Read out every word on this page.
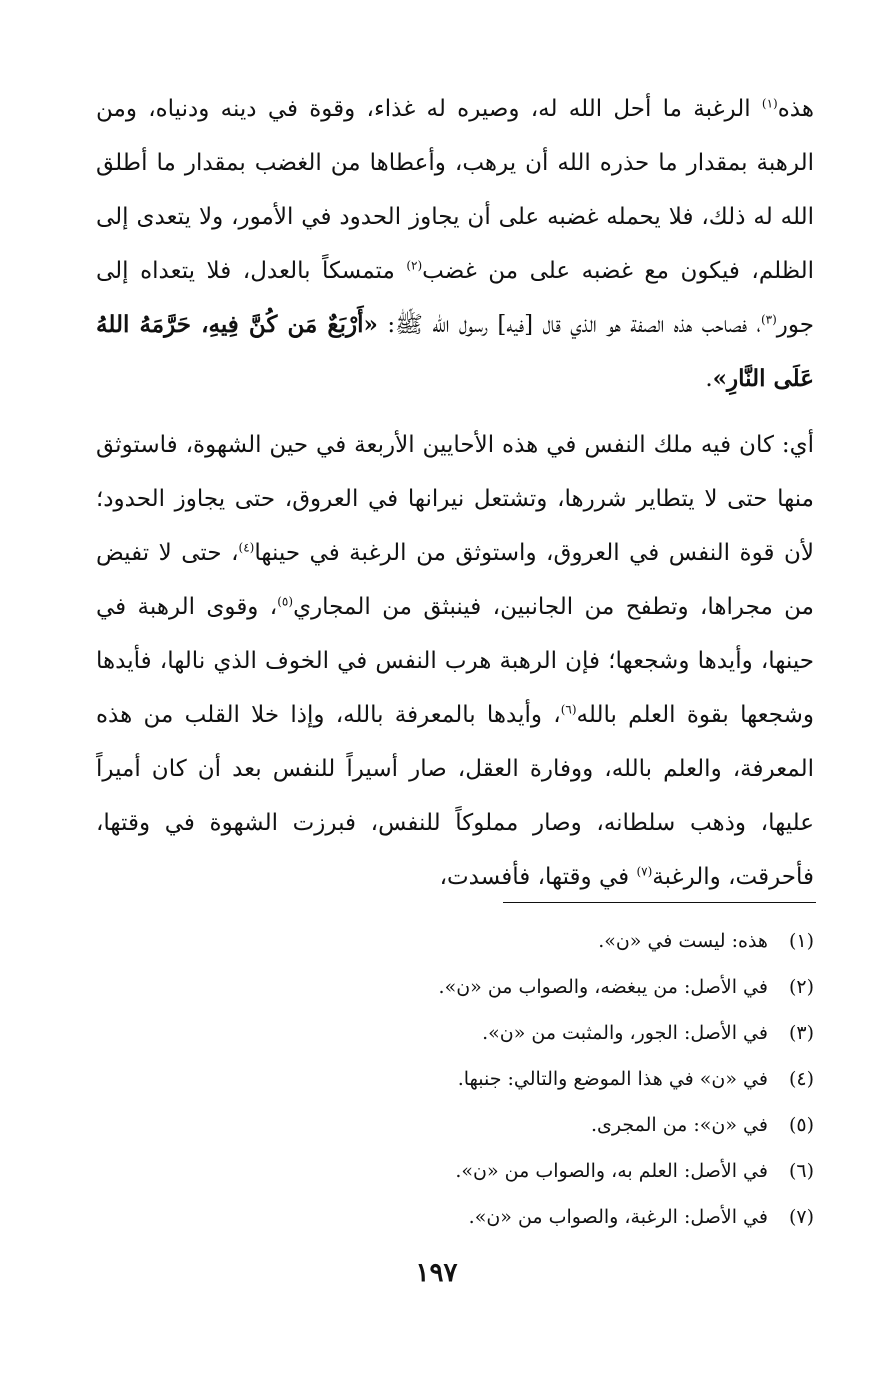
هذه$^{(١)}$ الرغبة ما أحل الله له، وصيره له غذاء، وقوة في دينه ودنياه، ومن الرهبة بمقدار ما حذره الله أن يرهب، وأعطاها من الغضب بمقدار ما أطلق الله له ذلك، فلا يحمله غضبه على أن يجاوز الحدود في الأمور، ولا يتعدى إلى الظلم، فيكون مع غضبه على من غضب$^{(٢)}$ متمسكاً بالعدل، فلا يتعداه إلى جور$^{(٣)}$، فصاحب هذه الصفة هو الذي قال [فيه] رسول الله ﷺ: «أَرْبَعٌ مَن كُنَّ فِيهِ، حَرَّمَهُ اللهُ عَلَى النَّارِ».

أي: كان فيه ملك النفس في هذه الأحايين الأربعة في حين الشهوة، فاستوثق منها حتى لا يتطاير شررها، وتشتعل نيرانها في العروق، حتى يجاوز الحدود؛ لأن قوة النفس في العروق، واستوثق من الرغبة في حينها$^{(٤)}$، حتى لا تفيض من مجراها، وتطفح من الجانبين، فينبثق من المجاري$^{(٥)}$، وقوى الرهبة في حينها، وأيدها وشجعها؛ فإن الرهبة هرب النفس في الخوف الذي نالها، فأيدها وشجعها بقوة العلم بالله$^{(٦)}$، وأيدها بالمعرفة بالله، وإذا خلا القلب من هذه المعرفة، والعلم بالله، ووفارة العقل، صار أسيراً للنفس بعد أن كان أميراً عليها، وذهب سلطانه، وصار مملوكاً للنفس، فبرزت الشهوة في وقتها، فأحرقت، والرغبة$^{(٧)}$ في وقتها، فأفسدت،

(١) هذه: ليست في «ن».
(٢) في الأصل: من يبغضه، والصواب من «ن».
(٣) في الأصل: الجور، والمثبت من «ن».
(٤) في «ن» في هذا الموضع والتالي: جنبها.
(٥) في «ن»: من المجرى.
(٦) في الأصل: العلم به، والصواب من «ن».
(٧) في الأصل: الرغبة، والصواب من «ن».
١٩٧
